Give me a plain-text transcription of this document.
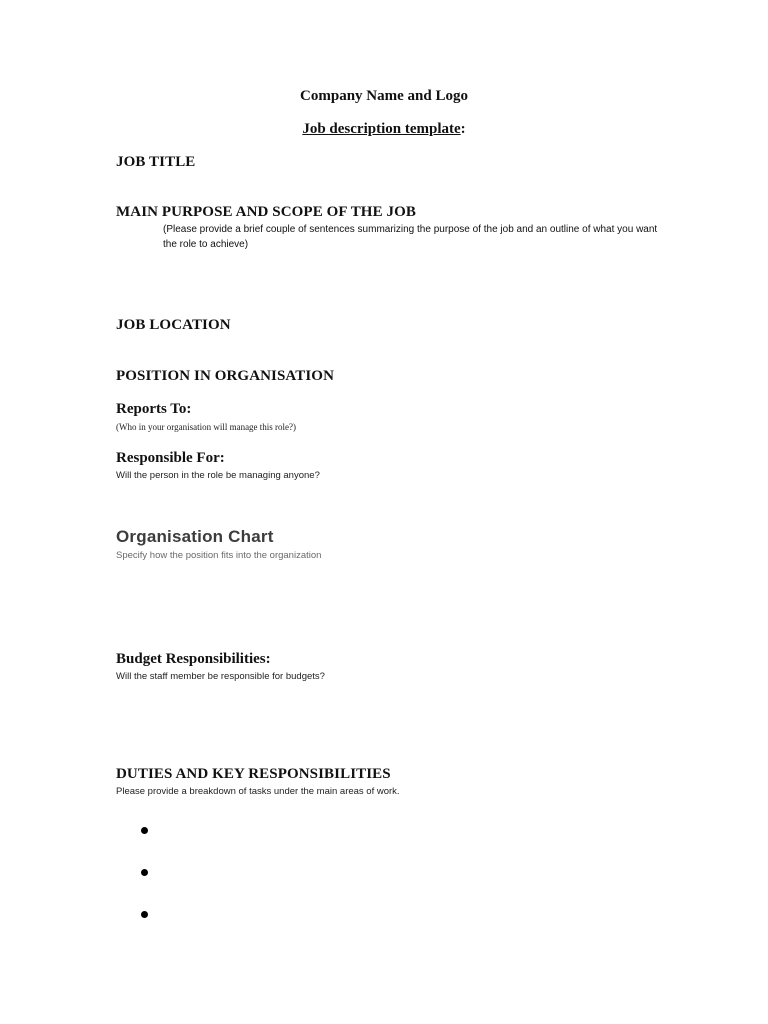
Company Name and Logo
Job description template:
JOB TITLE
MAIN PURPOSE AND SCOPE OF THE JOB
(Please provide a brief couple of sentences summarizing the purpose of the job and an outline of what you want the role to achieve)
JOB LOCATION
POSITION IN ORGANISATION
Reports To:
(Who in your organisation will manage this role?)
Responsible For:
Will the person in the role be managing anyone?
Organisation Chart
Specify how the position fits into the organization
Budget Responsibilities:
Will the staff member be responsible for budgets?
DUTIES AND KEY RESPONSIBILITIES
Please provide a breakdown of tasks under the main areas of work.
